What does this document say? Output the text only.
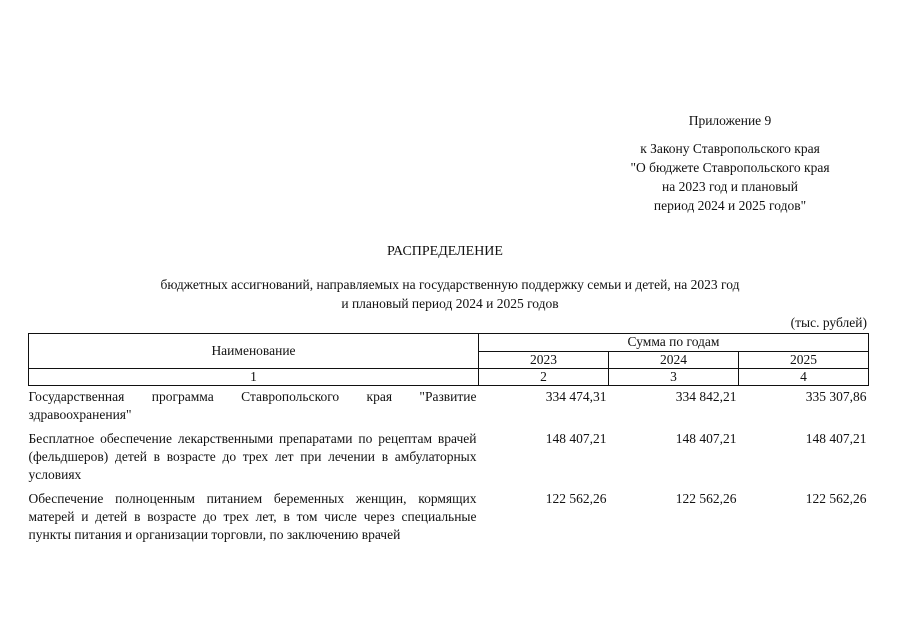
Приложение 9
к Закону Ставропольского края
"О бюджете Ставропольского края
на 2023 год и плановый
период 2024 и 2025 годов"
РАСПРЕДЕЛЕНИЕ
бюджетных ассигнований, направляемых на государственную поддержку семьи и детей, на 2023 год
и плановый период 2024 и 2025 годов
(тыс. рублей)
Наименование	Сумма по годам		
	2023	2024	2025
1	2	3	4
Государственная программа Ставропольского края "Развитие здравоохранения"	334 474,31	334 842,21	335 307,86
Бесплатное обеспечение лекарственными препаратами по рецептам врачей (фельдшеров) детей в возрасте до трех лет при лечении в амбулаторных условиях	148 407,21	148 407,21	148 407,21
Обеспечение полноценным питанием беременных женщин, кормящих матерей и детей в возрасте до трех лет, в том числе через специальные пункты питания и организации торговли, по заключению врачей	122 562,26	122 562,26	122 562,26
